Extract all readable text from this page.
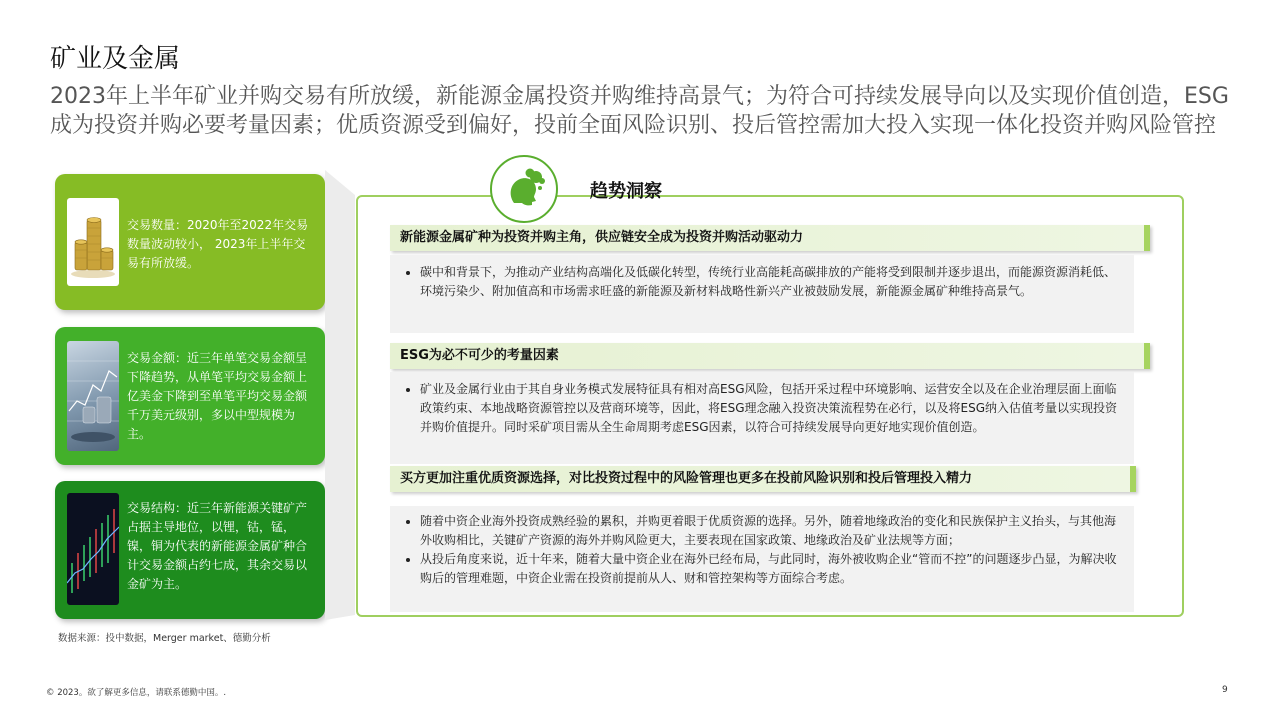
矿业及金属
2023年上半年矿业并购交易有所放缓，新能源金属投资并购维持高景气；为符合可持续发展导向以及实现价值创造，ESG成为投资并购必要考量因素；优质资源受到偏好，投前全面风险识别、投后管控需加大投入实现一体化投资并购风险管控
交易数量：2020年至2022年交易数量波动较小， 2023年上半年交易有所放缓。
交易金额：近三年单笔交易金额呈下降趋势，从单笔平均交易金额上亿美金下降到至单笔平均交易金额千万美元级别，多以中型规模为主。
交易结构：近三年新能源关键矿产占据主导地位，以锂，钴，锰，镍，铜为代表的新能源金属矿种合计交易金额占约七成，其余交易以金矿为主。
数据来源：投中数据，Merger market、德勤分析
趋势洞察
新能源金属矿种为投资并购主角，供应链安全成为投资并购活动驱动力
• 碳中和背景下，为推动产业结构高端化及低碳化转型，传统行业高能耗高碳排放的产能将受到限制并逐步退出，而能源资源消耗低、环境污染少、附加值高和市场需求旺盛的新能源及新材料战略性新兴产业被鼓励发展，新能源金属矿种维持高景气。
ESG为必不可少的考量因素
• 矿业及金属行业由于其自身业务模式发展特征具有相对高ESG风险，包括开采过程中环境影响、运营安全以及在企业治理层面上面临政策约束、本地战略资源管控以及营商环境等，因此，将ESG理念融入投资决策流程势在必行，以及将ESG纳入估值考量以实现投资并购价值提升。同时采矿项目需从全生命周期考虑ESG因素，以符合可持续发展导向更好地实现价值创造。
买方更加注重优质资源选择，对比投资过程中的风险管理也更多在投前风险识别和投后管理投入精力
• 随着中资企业海外投资成熟经验的累积，并购更着眼于优质资源的选择。另外，随着地缘政治的变化和民族保护主义抬头，与其他海外收购相比，关键矿产资源的海外并购风险更大，主要表现在国家政策、地缘政治及矿业法规等方面；
• 从投后角度来说，近十年来，随着大量中资企业在海外已经布局，与此同时，海外被收购企业“管而不控”的问题逐步凸显，为解决收购后的管理难题，中资企业需在投资前提前从人、财和管控架构等方面综合考虑。
© 2023。欲了解更多信息，请联系德勤中国。.	9
